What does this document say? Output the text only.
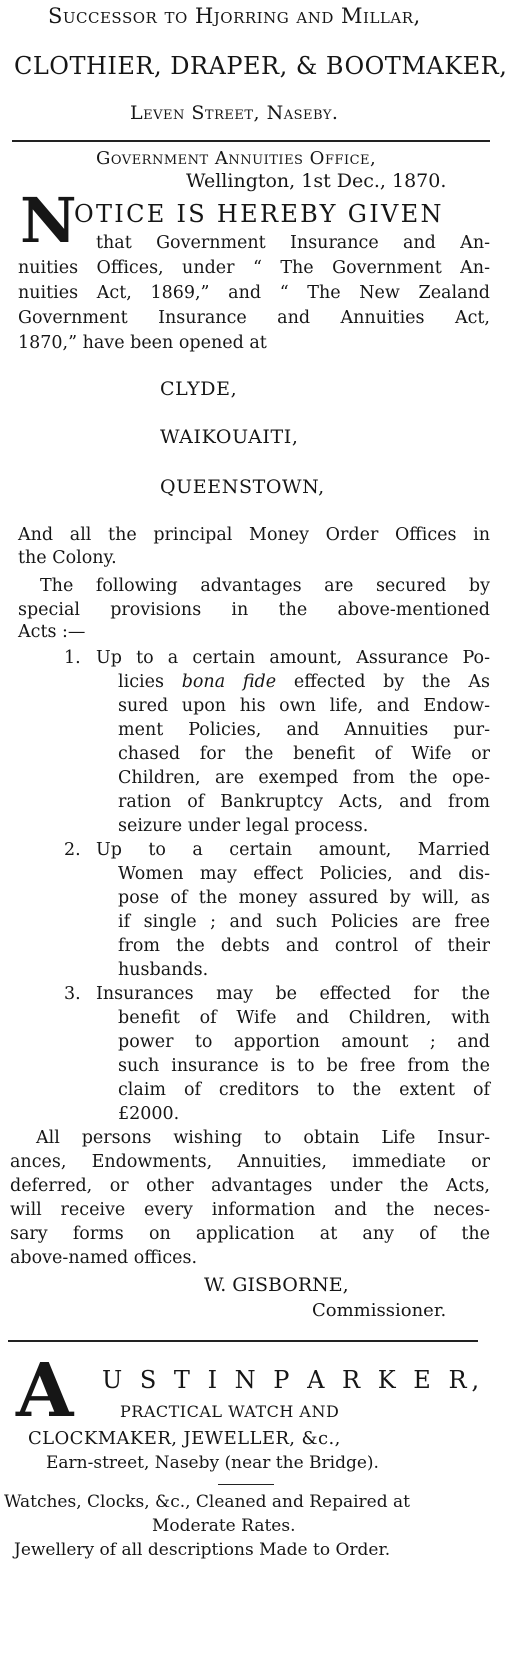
Successor to Hjorring and Millar,
CLOTHIER, DRAPER, & BOOTMAKER,
Leven Street, Naseby.
Government Annuities Office,
Wellington, 1st Dec., 1870.
N
OTICE IS HEREBY GIVEN
that Government Insurance and An-
nuities Offices, under “ The Government An-
nuities Act, 1869,” and “ The New Zealand
Government Insurance and Annuities Act,
1870,” have been opened at
CLYDE,
WAIKOUAITI,
QUEENSTOWN,
And all the principal Money Order Offices in
the Colony.
The following advantages are secured by
special provisions in the above-mentioned
Acts :—
1. Up to a certain amount, Assurance Po-
licies bona fide effected by the As
sured upon his own life, and Endow-
ment Policies, and Annuities pur-
chased for the benefit of Wife or
Children, are exemped from the ope-
ration of Bankruptcy Acts, and from
seizure under legal process.
2. Up to a certain amount, Married
Women may effect Policies, and dis-
pose of the money assured by will, as
if single ; and such Policies are free
from the debts and control of their
husbands.
3. Insurances may be effected for the
benefit of Wife and Children, with
power to apportion amount ; and
such insurance is to be free from the
claim of creditors to the extent of
£2000.
All persons wishing to obtain Life Insur-
ances, Endowments, Annuities, immediate or
deferred, or other advantages under the Acts,
will receive every information and the neces-
sary forms on application at any of the
above-named offices.
W. GISBORNE,
Commissioner.
A U S T I N P A R K E R,
PRACTICAL WATCH AND
CLOCKMAKER, JEWELLER, &c.,
Earn-street, Naseby (near the Bridge).
Watches, Clocks, &c., Cleaned and Repaired at
Moderate Rates.
Jewellery of all descriptions Made to Order.
